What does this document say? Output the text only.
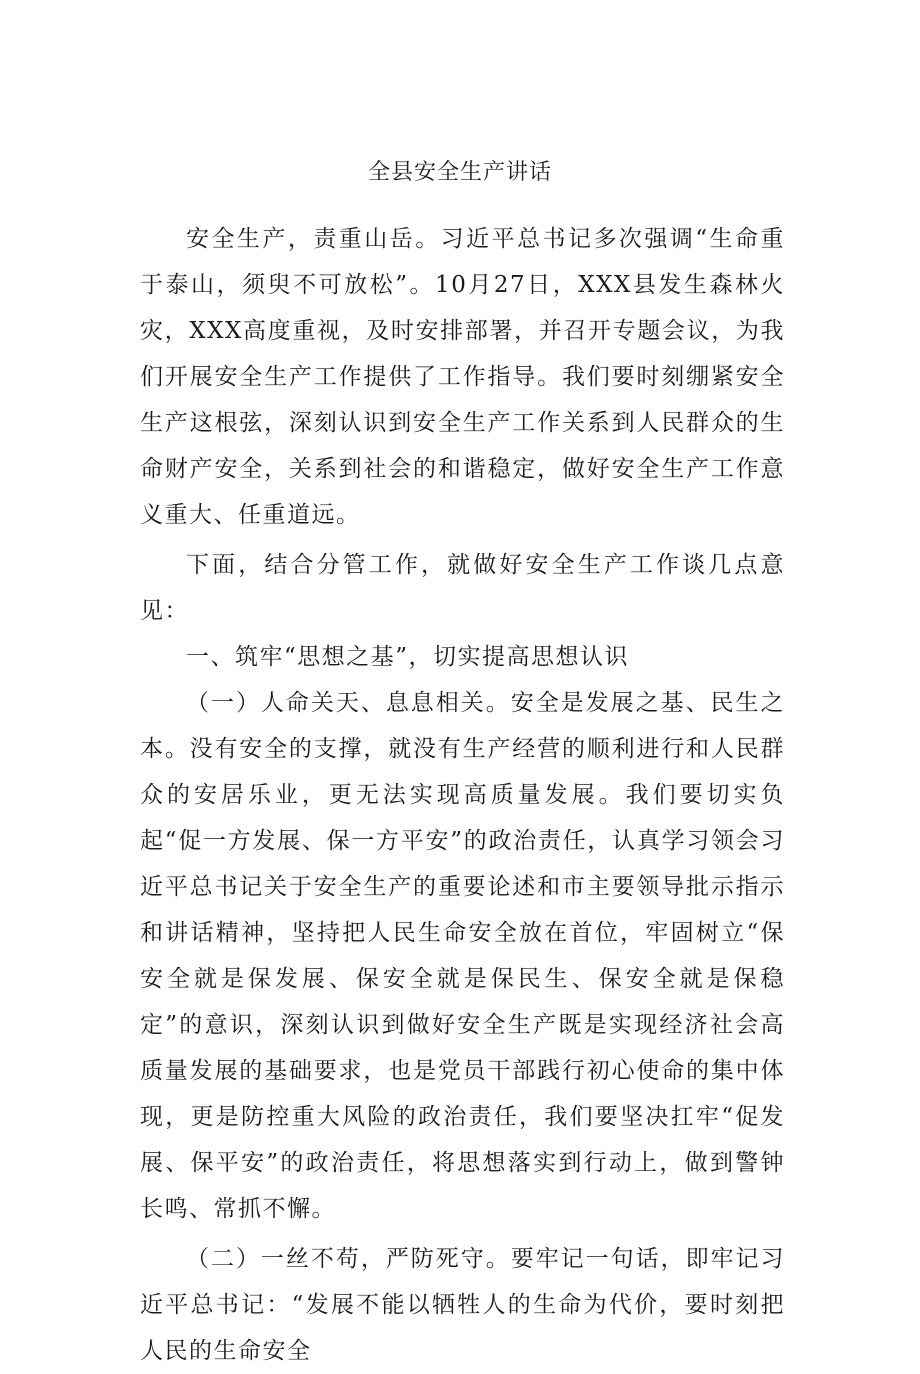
全县安全生产讲话

安全生产，责重山岳。习近平总书记多次强调“生命重于泰山，须臾不可放松”。10月27日，XXX县发生森林火灾，XXX高度重视，及时安排部署，并召开专题会议，为我们开展安全生产工作提供了工作指导。我们要时刻绷紧安全生产这根弦，深刻认识到安全生产工作关系到人民群众的生命财产安全，关系到社会的和谐稳定，做好安全生产工作意义重大、任重道远。

下面，结合分管工作，就做好安全生产工作谈几点意见：

一、筑牢“思想之基”，切实提高思想认识

（一）人命关天、息息相关。安全是发展之基、民生之本。没有安全的支撑，就没有生产经营的顺利进行和人民群众的安居乐业，更无法实现高质量发展。我们要切实负起“促一方发展、保一方平安”的政治责任，认真学习领会习近平总书记关于安全生产的重要论述和市主要领导批示指示和讲话精神，坚持把人民生命安全放在首位，牢固树立“保安全就是保发展、保安全就是保民生、保安全就是保稳定”的意识，深刻认识到做好安全生产既是实现经济社会高质量发展的基础要求，也是党员干部践行初心使命的集中体现，更是防控重大风险的政治责任，我们要坚决扛牢“促发展、保平安”的政治责任，将思想落实到行动上，做到警钟长鸣、常抓不懈。

（二）一丝不苟，严防死守。要牢记一句话，即牢记习近平总书记：“发展不能以牺牲人的生命为代价，要时刻把人民的生命安全
